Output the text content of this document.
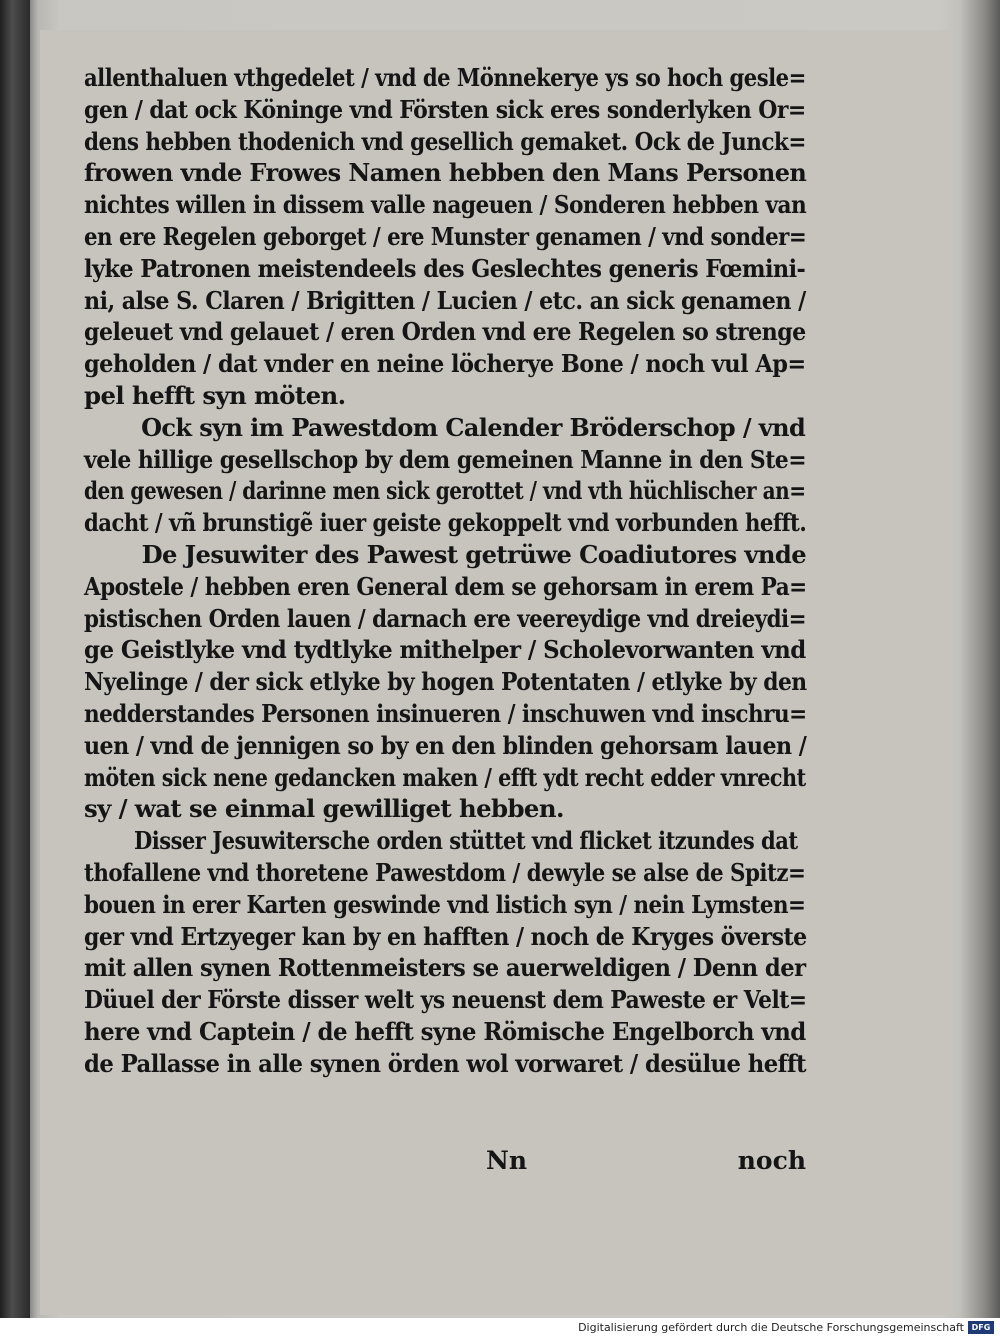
allenthaluen vthgedelet / vnd de Mönnekerye ys so hoch gesle=
gen / dat ock Köninge vnd Försten sick eres sonderlyken Or=
dens hebben thodenich vnd gesellich gemaket. Ock de Junck=
frowen vnde Frowes Namen hebben den Mans Personen
nichtes willen in dissem valle nageuen / Sonderen hebben van
en ere Regelen geborget / ere Munster genamen / vnd sonder=
lyke Patronen meistendeels des Geslechtes generis Fœmini-
ni, alse S. Claren / Brigitten / Lucien / etc. an sick genamen /
geleuet vnd gelauet / eren Orden vnd ere Regelen so strenge
geholden / dat vnder en neine löcherye Bone / noch vul Ap=
pel hefft syn möten.
Ock syn im Pawestdom Calender Bröderschop / vnd
vele hillige gesellschop by dem gemeinen Manne in den Ste=
den gewesen / darinne men sick gerottet / vnd vth hüchlischer an=
dacht / vñ brunstigẽ iuer geiste gekoppelt vnd vorbunden hefft.
De Jesuwiter des Pawest getrüwe Coadiutores vnde
Apostele / hebben eren General dem se gehorsam in erem Pa=
pistischen Orden lauen / darnach ere veereydige vnd dreieydi=
ge Geistlyke vnd tydtlyke mithelper / Scholevorwanten vnd
Nyelinge / der sick etlyke by hogen Potentaten / etlyke by den
nedderstandes Personen insinueren / inschuwen vnd inschru=
uen / vnd de jennigen so by en den blinden gehorsam lauen /
möten sick nene gedancken maken / efft ydt recht edder vnrecht
sy / wat se einmal gewilliget hebben.
Disser Jesuwitersche orden stüttet vnd flicket itzundes dat
thofallene vnd thoretene Pawestdom / dewyle se alse de Spitz=
bouen in erer Karten geswinde vnd listich syn / nein Lymsten=
ger vnd Ertzyeger kan by en hafften / noch de Kryges överste
mit allen synen Rottenmeisters se auerweldigen / Denn der
Düuel der Förste disser welt ys neuenst dem Paweste er Velt=
here vnd Captein / de hefft syne Römische Engelborch vnd
de Pallasse in alle synen örden wol vorwaret / desülue hefft
Nn	noch
Digitalisierung gefördert durch die Deutsche Forschungsgemeinschaft DFG
